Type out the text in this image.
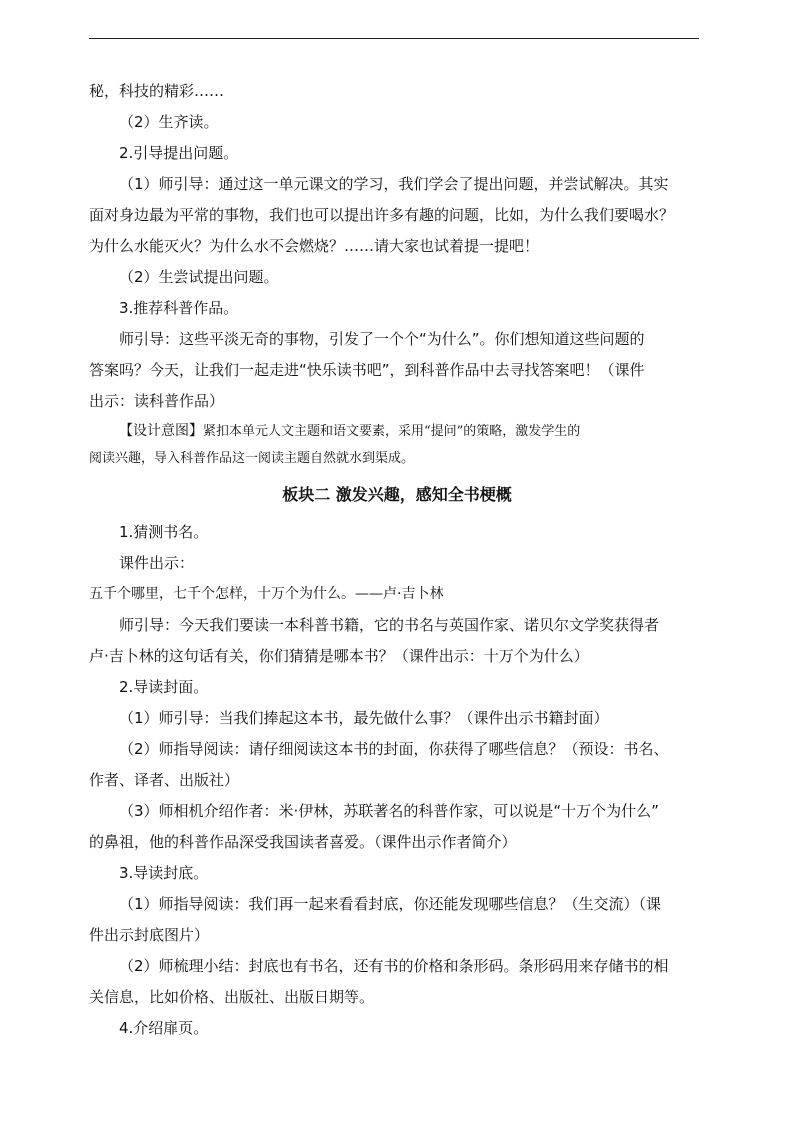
秘，科技的精彩……
（2）生齐读。
2.引导提出问题。
（1）师引导：通过这一单元课文的学习，我们学会了提出问题，并尝试解决。其实
面对身边最为平常的事物，我们也可以提出许多有趣的问题，比如，为什么我们要喝水？
为什么水能灭火？为什么水不会燃烧？……请大家也试着提一提吧！
（2）生尝试提出问题。
3.推荐科普作品。
师引导：这些平淡无奇的事物，引发了一个个“为什么”。你们想知道这些问题的
答案吗？今天，让我们一起走进“快乐读书吧”，到科普作品中去寻找答案吧！（课件
出示：读科普作品）
【设计意图】紧扣本单元人文主题和语文要素，采用“提问”的策略，激发学生的
阅读兴趣，导入科普作品这一阅读主题自然就水到渠成。
板块二 激发兴趣，感知全书梗概
1.猜测书名。
课件出示：
五千个哪里，七千个怎样，十万个为什么。——卢·吉卜林
师引导：今天我们要读一本科普书籍，它的书名与英国作家、诺贝尔文学奖获得者
卢·吉卜林的这句话有关，你们猜猜是哪本书？（课件出示：十万个为什么）
2.导读封面。
（1）师引导：当我们捧起这本书，最先做什么事？（课件出示书籍封面）
（2）师指导阅读：请仔细阅读这本书的封面，你获得了哪些信息？（预设：书名、
作者、译者、出版社）
（3）师相机介绍作者：米·伊林，苏联著名的科普作家，可以说是“十万个为什么”
的鼻祖，他的科普作品深受我国读者喜爱。（课件出示作者简介）
3.导读封底。
（1）师指导阅读：我们再一起来看看封底，你还能发现哪些信息？（生交流）（课
件出示封底图片）
（2）师梳理小结：封底也有书名，还有书的价格和条形码。条形码用来存储书的相
关信息，比如价格、出版社、出版日期等。
4.介绍扉页。
